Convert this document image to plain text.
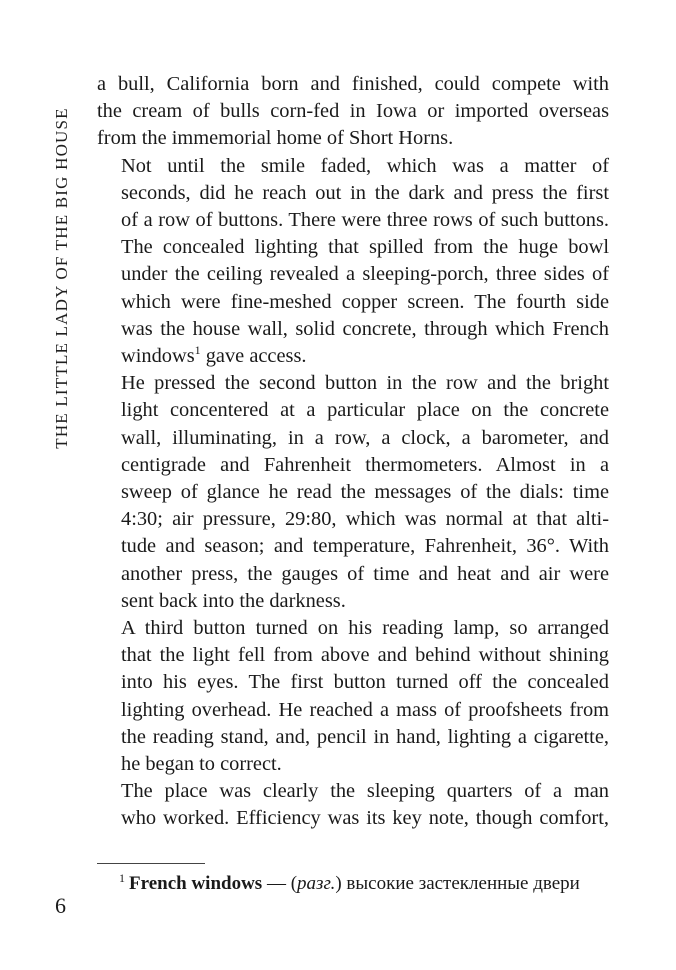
THE LITTLE LADY OF THE BIG HOUSE

a bull, California born and finished, could compete with
the cream of bulls corn-fed in Iowa or imported overseas
from the immemorial home of Short Horns.

Not until the smile faded, which was a matter of
seconds, did he reach out in the dark and press the first
of a row of buttons. There were three rows of such buttons.
The concealed lighting that spilled from the huge bowl
under the ceiling revealed a sleeping-porch, three sides of
which were fine-meshed copper screen. The fourth side
was the house wall, solid concrete, through which French
windows$^1$ gave access.

He pressed the second button in the row and the bright
light concentered at a particular place on the concrete
wall, illuminating, in a row, a clock, a barometer, and
centigrade and Fahrenheit thermometers. Almost in a
sweep of glance he read the messages of the dials: time
4:30; air pressure, 29:80, which was normal at that alti-
tude and season; and temperature, Fahrenheit, 36°. With
another press, the gauges of time and heat and air were
sent back into the darkness.

A third button turned on his reading lamp, so arranged
that the light fell from above and behind without shining
into his eyes. The first button turned off the concealed
lighting overhead. He reached a mass of proofsheets from
the reading stand, and, pencil in hand, lighting a cigarette,
he began to correct.

The place was clearly the sleeping quarters of a man
who worked. Efficiency was its key note, though comfort,

$^1$ French windows — (разг.) высокие застекленные двери
6
